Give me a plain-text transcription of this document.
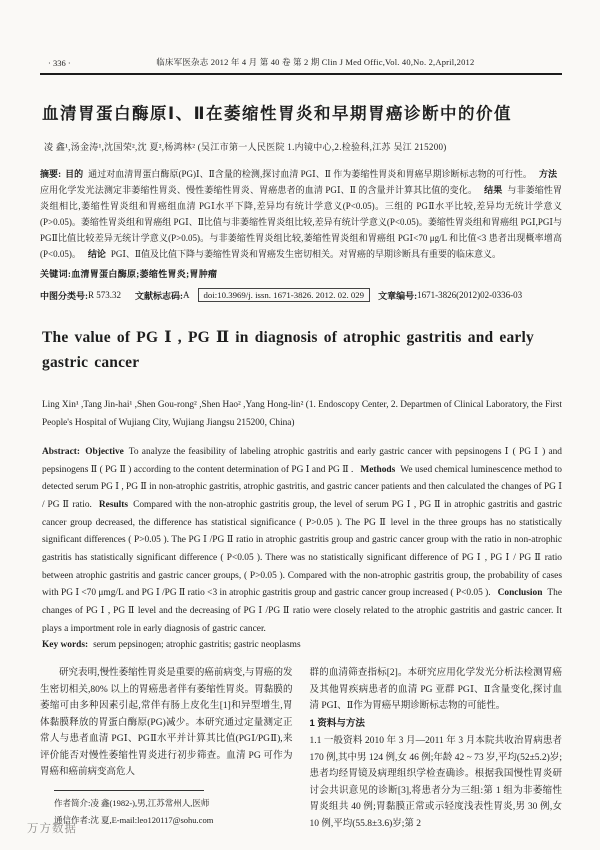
· 336 ·	临床军医杂志 2012 年 4 月 第 40 卷 第 2 期 Clin J Med Offic,Vol. 40,No. 2,April,2012
血清胃蛋白酶原Ⅰ、Ⅱ在萎缩性胃炎和早期胃癌诊断中的价值
凌 鑫¹,汤金涛¹,沈国荣²,沈 夏²,杨鸿林² (吴江市第一人民医院 1.内镜中心,2.检验科,江苏 吴江 215200)

摘要: 目的 通过对血清胃蛋白酶原(PG)Ⅰ、Ⅱ含量的检测,探讨血清 PGⅠ、Ⅱ 作为萎缩性胃炎和胃癌早期诊断标志物的可行性。 方法应用化学发光法测定非萎缩性胃炎、慢性萎缩性胃炎、胃癌患者的血清 PGⅠ、Ⅱ 的含量并计算其比值的变化。 结果 与非萎缩性胃炎组相比,萎缩性胃炎组和胃癌组血清 PGⅠ水平下降,差异均有统计学意义(P<0.05)。三组的 PGⅡ水平比较,差异均无统计学意义(P>0.05)。萎缩性胃炎组和胃癌组 PGⅠ、Ⅱ比值与非萎缩性胃炎组比较,差异有统计学意义(P<0.05)。萎缩性胃炎组和胃癌组 PGⅠ,PGⅠ与 PGⅡ比值比较差异无统计学意义(P>0.05)。与非萎缩性胃炎组比较,萎缩性胃炎组和胃癌组 PGⅠ<70 μg/L 和比值<3 患者出现概率增高(P<0.05)。 结论 PGⅠ、Ⅱ值及比值下降与萎缩性胃炎和胃癌发生密切相关。对胃癌的早期诊断具有重要的临床意义。

关键词:血清胃蛋白酶原;萎缩性胃炎;胃肿瘤
中图分类号: R 573.32 文献标志码: A	doi:10.3969/j. issn. 1671-3826. 2012. 02. 029	文章编号: 1671-3826(2012)02-0336-03
The value of PG Ⅰ , PG Ⅱ in diagnosis of atrophic gastritis and early gastric cancer
Ling Xin¹ ,Tang Jin-hai¹ ,Shen Gou-rong² ,Shen Hao² ,Yang Hong-lin² (1. Endoscopy Center, 2. Departmen of Clinical Laboratory, the First People's Hospital of Wujiang City, Wujiang Jiangsu 215200, China)

Abstract: Objective To analyze the feasibility of labeling atrophic gastritis and early gastric cancer with pepsinogens Ⅰ ( PG Ⅰ ) and pepsinogens Ⅱ ( PG Ⅱ ) according to the content determination of PG Ⅰ and PG Ⅱ . Methods We used chemical luminescence method to detected serum PG Ⅰ , PG Ⅱ in non-atrophic gastritis, atrophic gastritis, and gastric cancer patients and then calculated the changes of PG Ⅰ / PG Ⅱ ratio. Results Compared with the non-atrophic gastritis group, the level of serum PG Ⅰ , PG Ⅱ in atrophic gastritis and gastric cancer group decreased, the difference has statistical significance ( P>0.05 ). The PG Ⅱ level in the three groups has no statistically significant differences ( P>0.05 ). The PG Ⅰ /PG Ⅱ ratio in atrophic gastritis group and gastric cancer group with the ratio in non-atrophic gastritis has statistically significant difference ( P<0.05 ). There was no statistically significant difference of PG Ⅰ , PG Ⅰ / PG Ⅱ ratio between atrophic gastritis and gastric cancer groups, ( P>0.05 ). Compared with the non-atrophic gastritis group, the probability of cases with PG Ⅰ <70 μmg/L and PG Ⅰ /PG Ⅱ ratio <3 in atrophic gastritis group and gastric cancer group increased ( P<0.05 ). Conclusion The changes of PG Ⅰ , PG Ⅱ level and the decreasing of PG Ⅰ /PG Ⅱ ratio were closely related to the atrophic gastritis and gastric cancer. It plays a importment role in early diagnosis of gastric cancer.

Key words: serum pepsinogen; atrophic gastritis; gastric neoplasms

研究表明,慢性萎缩性胃炎是重要的癌前病变,与胃癌的发生密切相关,80% 以上的胃癌患者伴有萎缩性胃炎。胃黏膜的萎缩可由多种因素引起,常伴有肠上皮化生[1]和异型增生,胃体黏膜释放的胃蛋白酶原(PG)减少。本研究通过定量测定正常人与患者血清 PGⅠ、PGⅡ水平并计算其比值(PGⅠ/PGⅡ),来评价能否对慢性萎缩性胃炎进行初步筛查。血清 PG 可作为胃癌和癌前病变高危人

作者简介:凌 鑫(1982-),男,江苏常州人,医师
通信作者:沈 夏,E-mail:leo120117@sohu.com

群的血清筛查指标[2]。本研究应用化学发光分析法检测胃癌及其他胃疾病患者的血清 PG 亚群 PGⅠ、Ⅱ含量变化,探讨血清 PGⅠ、Ⅱ作为胃癌早期诊断标志物的可能性。

1 资料与方法

1.1 一般资料 2010 年 3 月—2011 年 3 月本院共收治胃病患者 170 例,其中男 124 例,女 46 例;年龄 42 ~ 73 岁,平均(52±5.2)岁;患者均经胃镜及病理组织学检查确诊。根据我国慢性胃炎研讨会共识意见的诊断[3],将患者分为三组:第 1 组为非萎缩性胃炎组共 40 例;胃黏膜正常或示轻度浅表性胃炎,男 30 例,女 10 例,平均(55.8±3.6)岁;第 2

万方数据
